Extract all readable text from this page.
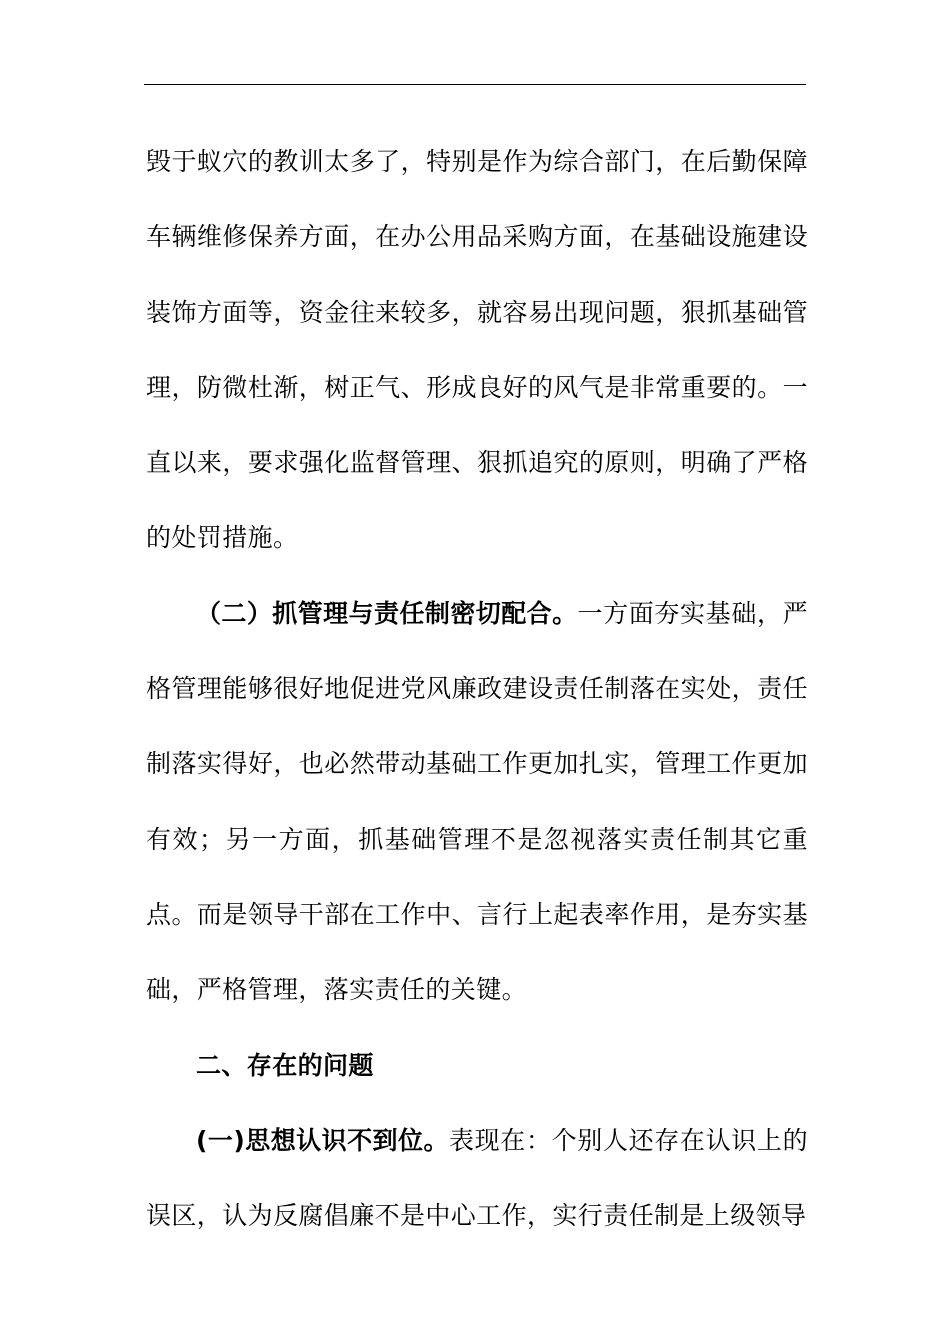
毁于蚁穴的教训太多了，特别是作为综合部门，在后勤保障车辆维修保养方面，在办公用品采购方面，在基础设施建设装饰方面等，资金往来较多，就容易出现问题，狠抓基础管理，防微杜渐，树正气、形成良好的风气是非常重要的。一直以来，要求强化监督管理、狠抓追究的原则，明确了严格的处罚措施。

（二）抓管理与责任制密切配合。一方面夯实基础，严格管理能够很好地促进党风廉政建设责任制落在实处，责任制落实得好，也必然带动基础工作更加扎实，管理工作更加有效；另一方面，抓基础管理不是忽视落实责任制其它重点。而是领导干部在工作中、言行上起表率作用，是夯实基础，严格管理，落实责任的关键。

二、存在的问题

(一)思想认识不到位。表现在：个别人还存在认识上的误区，认为反腐倡廉不是中心工作，实行责任制是上级领导
